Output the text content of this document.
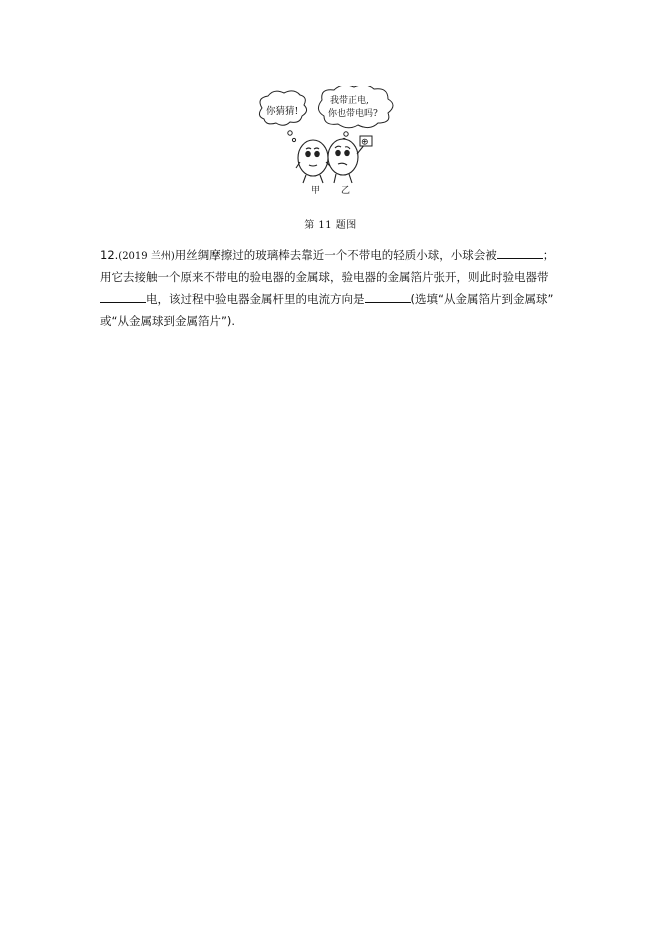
你猜猜!
我带正电,
你也带电吗?
⊕
甲 乙
第 11 题图
12.(2019 兰州)用丝绸摩擦过的玻璃棒去靠近一个不带电的轻质小球，小球会被	；
用它去接触一个原来不带电的验电器的金属球，验电器的金属箔片张开，则此时验电器带
电，该过程中验电器金属杆里的电流方向是	(选填“从金属箔片到金属球”
或“从金属球到金属箔片”).
